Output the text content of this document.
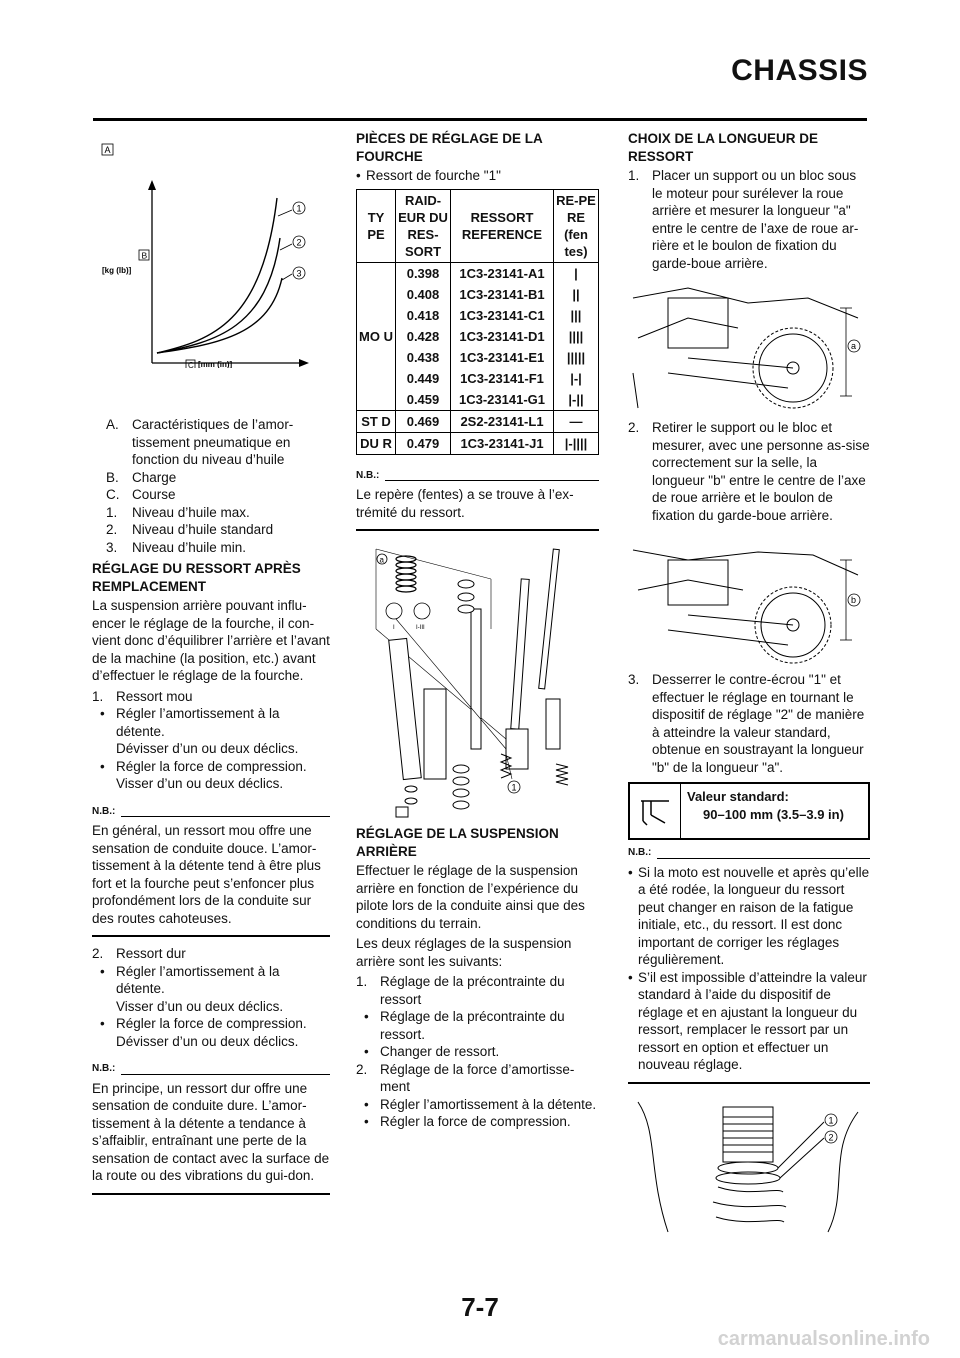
CHASSIS
A
B
[kg (lb)]
C [mm (in)]
1
2
3
A. Caractéristiques de l’amor-tissement pneumatique en fonction du niveau d’huile
B. Charge
C. Course
1. Niveau d’huile max.
2. Niveau d’huile standard
3. Niveau d’huile min.
RÉGLAGE DU RESSORT APRÈS REMPLACEMENT

La suspension arrière pouvant influ-encer le réglage de la fourche, il con-vient donc d’équilibrer l’arrière et l’avant de la machine (la position, etc.) avant d’effectuer le réglage de la fourche.

1. Ressort mou
• Régler l’amortissement à la détente.
Dévisser d’un ou deux déclics.
• Régler la force de compression.
Visser d’un ou deux déclics.
N.B.:

En général, un ressort mou offre une sensation de conduite douce. L’amor-tissement à la détente tend à être plus fort et la fourche peut s’enfoncer plus profondément lors de la conduite sur des routes cahoteuses.

2. Ressort dur
• Régler l’amortissement à la détente.
Visser d’un ou deux déclics.
• Régler la force de compression.
Dévisser d’un ou deux déclics.
N.B.:

En principe, un ressort dur offre une sensation de conduite dure. L’amor-tissement à la détente a tendance à s’affaiblir, entraînant une perte de la sensation de contact avec la surface de la route ou des vibrations du gui-don.

PIÈCES DE RÉGLAGE DE LA FOURCHE
• Ressort de fourche "1"
TY PE	RAID-EUR DU RES-SORT	RESSORT REFERENCE	RE-PE RE (fen tes)
MO U	0.398	1C3-23141-A1	|
	0.408	1C3-23141-B1	||
	0.418	1C3-23141-C1	|||
	0.428	1C3-23141-D1	||||
	0.438	1C3-23141-E1	|||||
	0.449	1C3-23141-F1	|-|
	0.459	1C3-23141-G1	|-||
ST D	0.469	2S2-23141-L1	—
DU R	0.479	1C3-23141-J1	|-||||
N.B.:

Le repère (fentes) a se trouve à l’ex-trémité du ressort.

a
I	I-III
1
RÉGLAGE DE LA SUSPENSION ARRIÈRE

Effectuer le réglage de la suspension arrière en fonction de l’expérience du pilote lors de la conduite ainsi que des conditions du terrain.

Les deux réglages de la suspension arrière sont les suivants:

1. Réglage de la précontrainte du ressort
• Réglage de la précontrainte du ressort.
• Changer de ressort.
2. Réglage de la force d’amortisse-ment
• Régler l’amortissement à la détente.
• Régler la force de compression.
CHOIX DE LA LONGUEUR DE RESSORT
1. Placer un support ou un bloc sous le moteur pour surélever la roue arrière et mesurer la longueur "a" entre le centre de l’axe de roue ar-rière et le boulon de fixation du garde-boue arrière.
a
2. Retirer le support ou le bloc et mesurer, avec une personne as-sise correctement sur la selle, la longueur "b" entre le centre de l’axe de roue arrière et le boulon de fixation du garde-boue arrière.
b
3. Desserrer le contre-écrou "1" et effectuer le réglage en tournant le dispositif de réglage "2" de manière à atteindre la valeur standard, obtenue en soustrayant la longueur "b" de la longueur "a".
Valeur standard:
90–100 mm (3.5–3.9 in)
N.B.:
• Si la moto est nouvelle et après qu’elle a été rodée, la longueur du ressort peut changer en raison de la fatigue initiale, etc., du ressort. Il est donc important de corriger les réglages régulièrement.
• S’il est impossible d’atteindre la valeur standard à l’aide du dispositif de réglage et en ajustant la longueur du ressort, remplacer le ressort par un ressort en option et effectuer un nouveau réglage.
1
2
7-7
carmanualsonline.info
